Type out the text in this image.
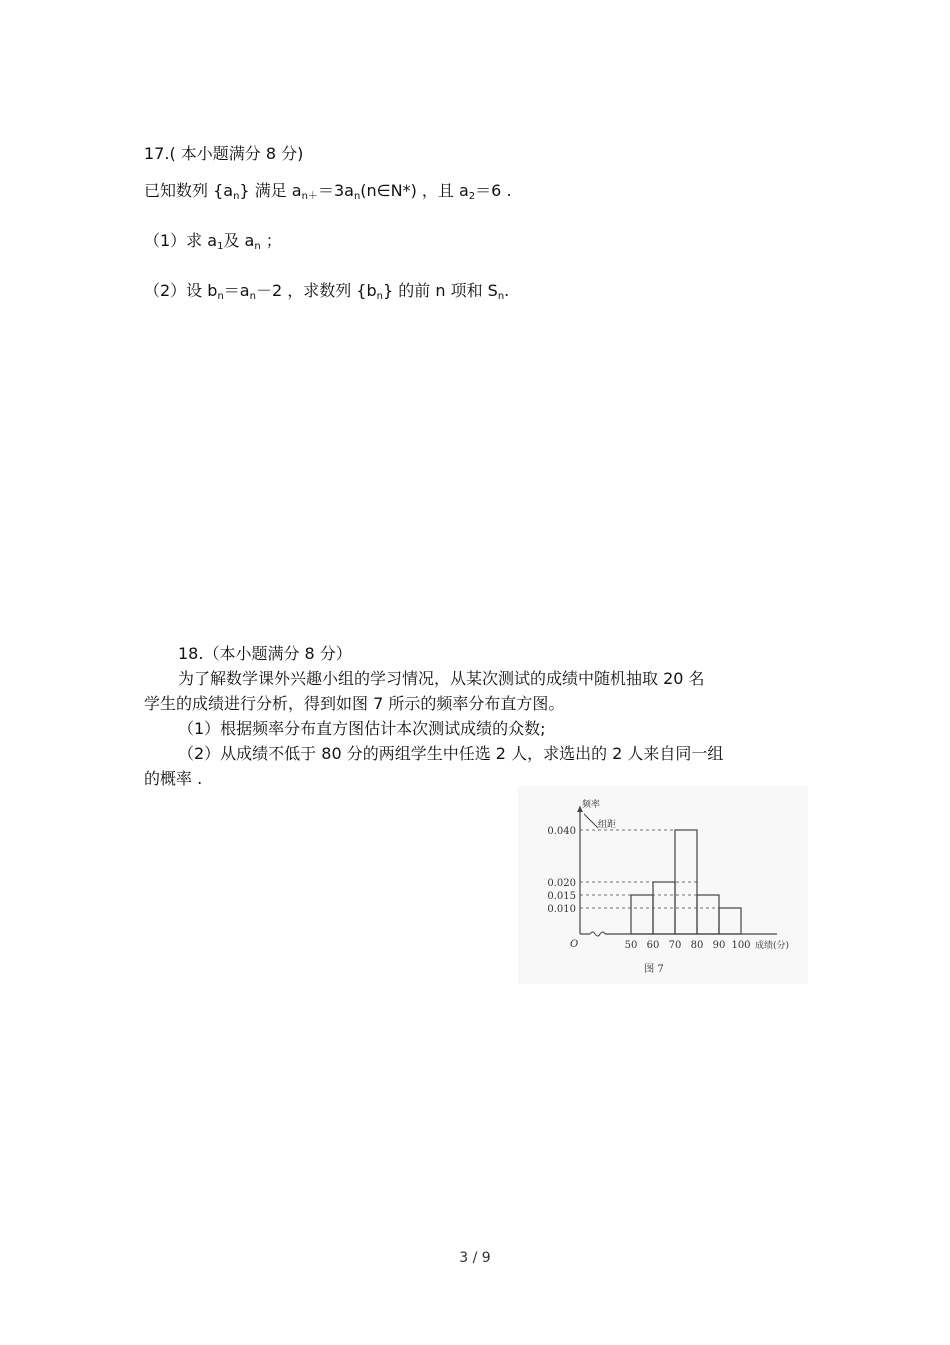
17.( 本小题满分 8 分)
已知数列 $\{a_n\}$ 满足 $a_{n+}=3a_n(n\in N*)$ ，且 $a_2=6$ .
（1）求 $a_1$及 $a_n$ ；
（2）设 $b_n=a_n-2$ ，求数列 $\{b_n\}$ 的前 n 项和 $S_n$.
18.（本小题满分 8 分）
为了解数学课外兴趣小组的学习情况，从某次测试的成绩中随机抽取 20 名
学生的成绩进行分析，得到如图 7 所示的频率分布直方图。
（1）根据频率分布直方图估计本次测试成绩的众数;
（2）从成绩不低于 80 分的两组学生中任选 2 人，求选出的 2 人来自同一组
的概率 .
频率
组距
0.010
0.015
0.020
0.040
50 60 70 80 90 100 成绩(分)
O
图 7
3 / 9
